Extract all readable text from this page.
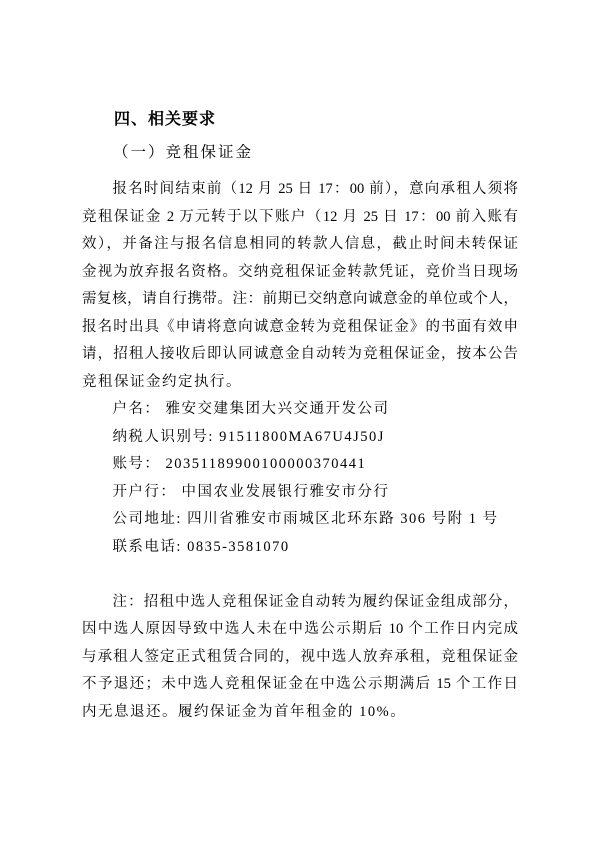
四、相关要求
（一）竞租保证金
报名时间结束前（12 月 25 日 17：00 前），意向承租人须将
竞租保证金 2 万元转于以下账户（12 月 25 日 17：00 前入账有
效），并备注与报名信息相同的转款人信息，截止时间未转保证
金视为放弃报名资格。交纳竞租保证金转款凭证，竞价当日现场
需复核，请自行携带。注：前期已交纳意向诚意金的单位或个人，
报名时出具《申请将意向诚意金转为竞租保证金》的书面有效申
请，招租人接收后即认同诚意金自动转为竞租保证金，按本公告
竞租保证金约定执行。
户名： 雅安交建集团大兴交通开发公司
纳税人识别号: 91511800MA67U4J50J
账号： 20351189900100000370441
开户行： 中国农业发展银行雅安市分行
公司地址: 四川省雅安市雨城区北环东路 306 号附 1 号
联系电话: 0835-3581070
注：招租中选人竞租保证金自动转为履约保证金组成部分，
因中选人原因导致中选人未在中选公示期后 10 个工作日内完成
与承租人签定正式租赁合同的，视中选人放弃承租，竞租保证金
不予退还；未中选人竞租保证金在中选公示期满后 15 个工作日
内无息退还。履约保证金为首年租金的 10%。
